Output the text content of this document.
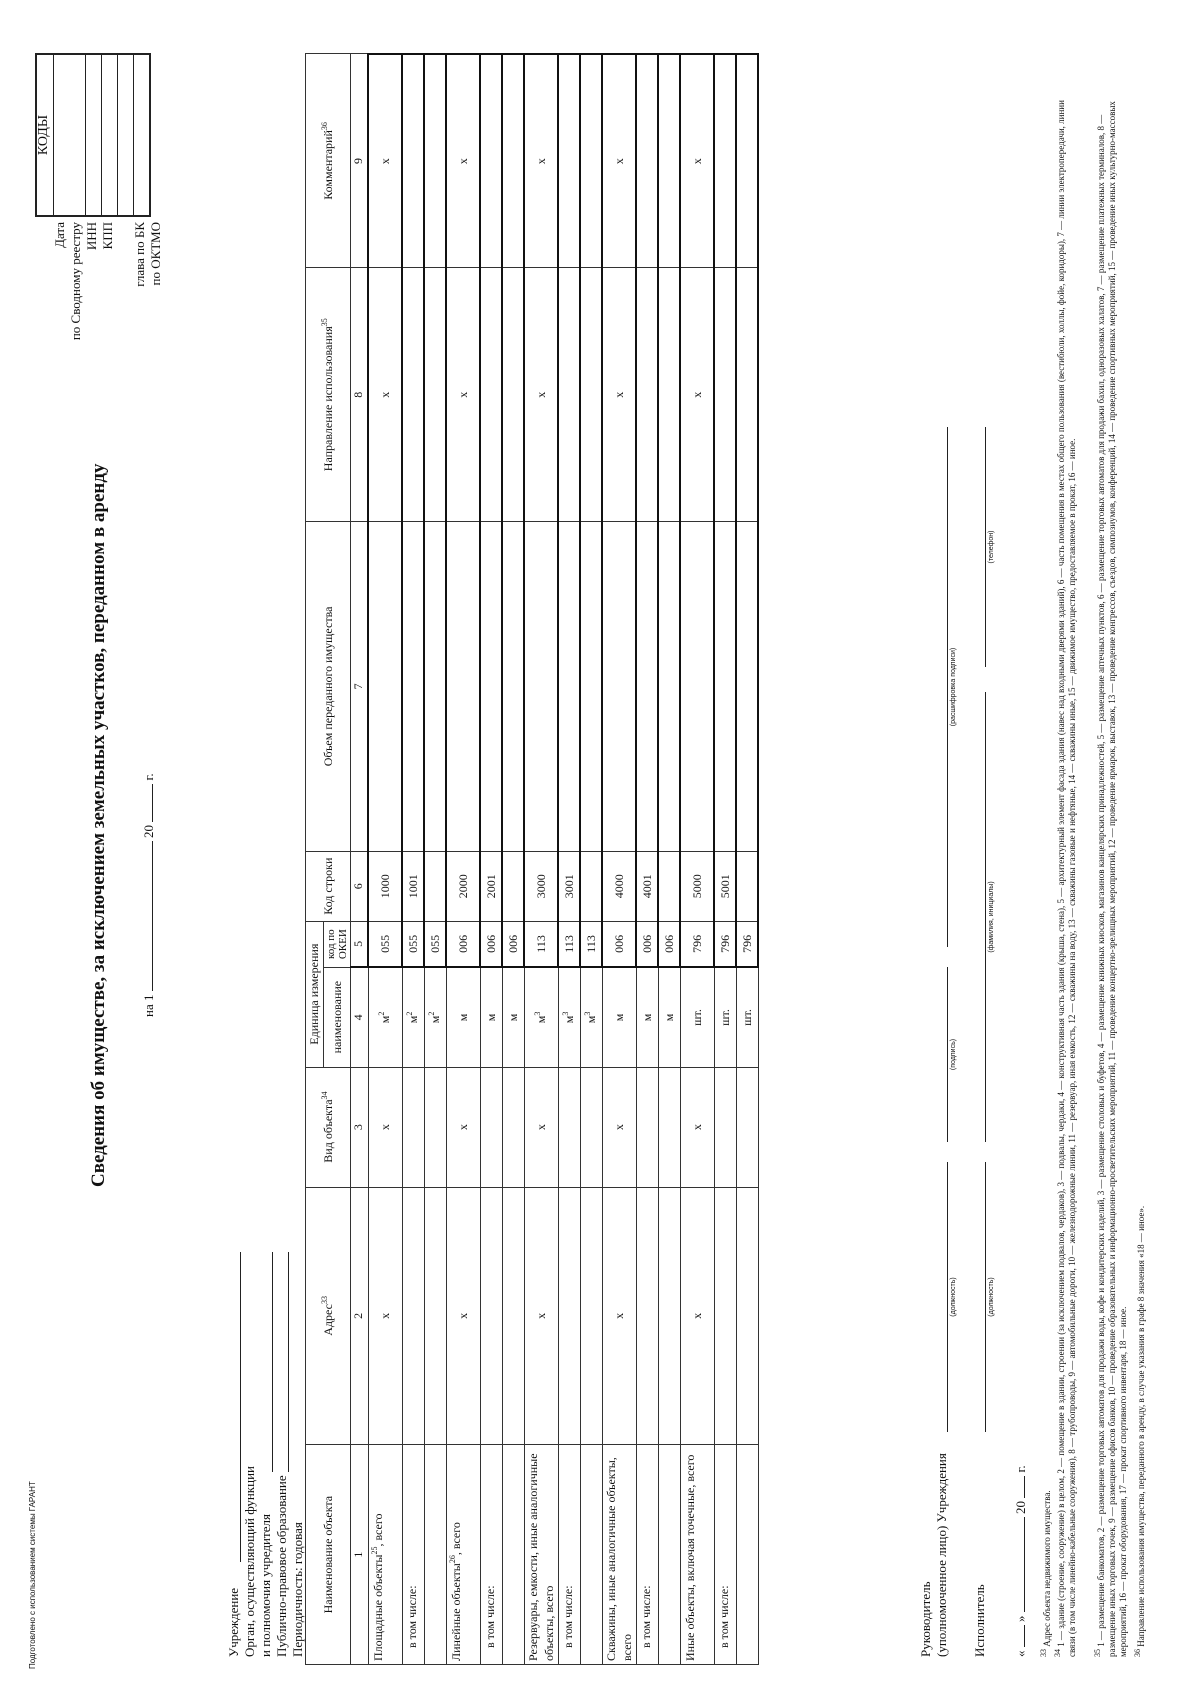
Подготовлено с использованием системы ГАРАНТ
Сведения об имуществе, за исключением земельных участков, переданном в аренду на 1  20  г.
КОДЫ
Дата по Сводному реестру ИНН КПП глава по БК по ОКТМО
Учреждение Орган, осуществляющий функции и полномочия учредителя Публично-правовое образование Периодичность: годовая Наименование объекта	Адрес$^{33}$	Вид объекта$^{34}$	Единица измерения		Код строки	Объем переданного имущества	Направление использования$^{35}$	Комментарий$^{36}$
			наименование	код по ОКЕИ				
1	2	3	4	5	6	7	8	9
Площадные объекты$^{25}$, всего	x	x	$м^2$	055	1000		x	x
в том числе:			$м^2$	055	1001			
			$м^2$	055				
Линейные объекты$^{26}$, всего	x	x	м	006	2000		x	x
в том числе:			м	006	2001			
			м	006				
Резервуары, емкости, иные аналогичные объекты, всего	x	x	$м^3$	113	3000		x	x
в том числе:			$м^3$	113	3001			
			$м^3$	113				
Скважины, иные аналогичные объекты, всего	x	x	м	006	4000		x	x
в том числе:			м	006	4001			
			м	006				
Иные объекты, включая точечные, всего	x	x	шт.	796	5000		x	x
в том числе:			шт.	796	5001			
			шт.	796				
Руководитель (уполномоченное лицо) Учреждения
(должность)
(подпись)
(расшифровка подписи)
Исполнитель
(должность)
(фамилия, инициалы)
(телефон)
«  »  20  г.
$^{33}$ Адрес объекта недвижимого имущества.
$^{34}$ 1 — здание (строение, сооружение) в целом, 2 — помещение в здании, строении (за исключением подвалов, чердаков), 3 — подвалы, чердаки, 4 — конструктивная часть здания (крыша, стена), 5 — архитектурный элемент фасада здания (навес над входными дверями зданий), 6 — часть помещения в местах общего пользования (вестибюли, холлы, фойе, коридоры), 7 — линии электропередачи, линии связи (в том числе линейно-кабельные сооружения), 8 — трубопроводы, 9 — автомобильные дороги, 10 — железнодорожные линии, 11 — резервуар, иная емкость, 12 — скважины на воду, 13 — скважины газовые и нефтяные, 14 — скважины иные, 15 — движимое имущество, предоставляемое в прокат, 16 — иное. $^{35}$ 1 — размещение банкоматов, 2 — размещение торговых автоматов для продажи воды, кофе и кондитерских изделий, 3 — размещение столовых и буфетов, 4 — размещение книжных киосков, магазинов канцелярских принадлежностей, 5 — размещение аптечных пунктов, 6 — размещение торговых автоматов для продажи бахил, одноразовых халатов, 7 — размещение платежных терминалов, 8 — размещение иных торговых точек, 9 — размещение офисов банков, 10 — проведение образовательных и информационно-просветительских мероприятий, 11 — проведение концертно-зрелищных мероприятий, 12 — проведение ярмарок, выставок, 13 — проведение конгрессов, съездов, симпозиумов, конференций, 14 — проведение спортивных мероприятий, 15 — проведение иных культурно-массовых мероприятий, 16 — прокат оборудования, 17 — прокат спортивного инвентаря, 18 — иное. $^{36}$ Направление использования имущества, переданного в аренду, в случае указания в графе 8 значения «18 — иное».
